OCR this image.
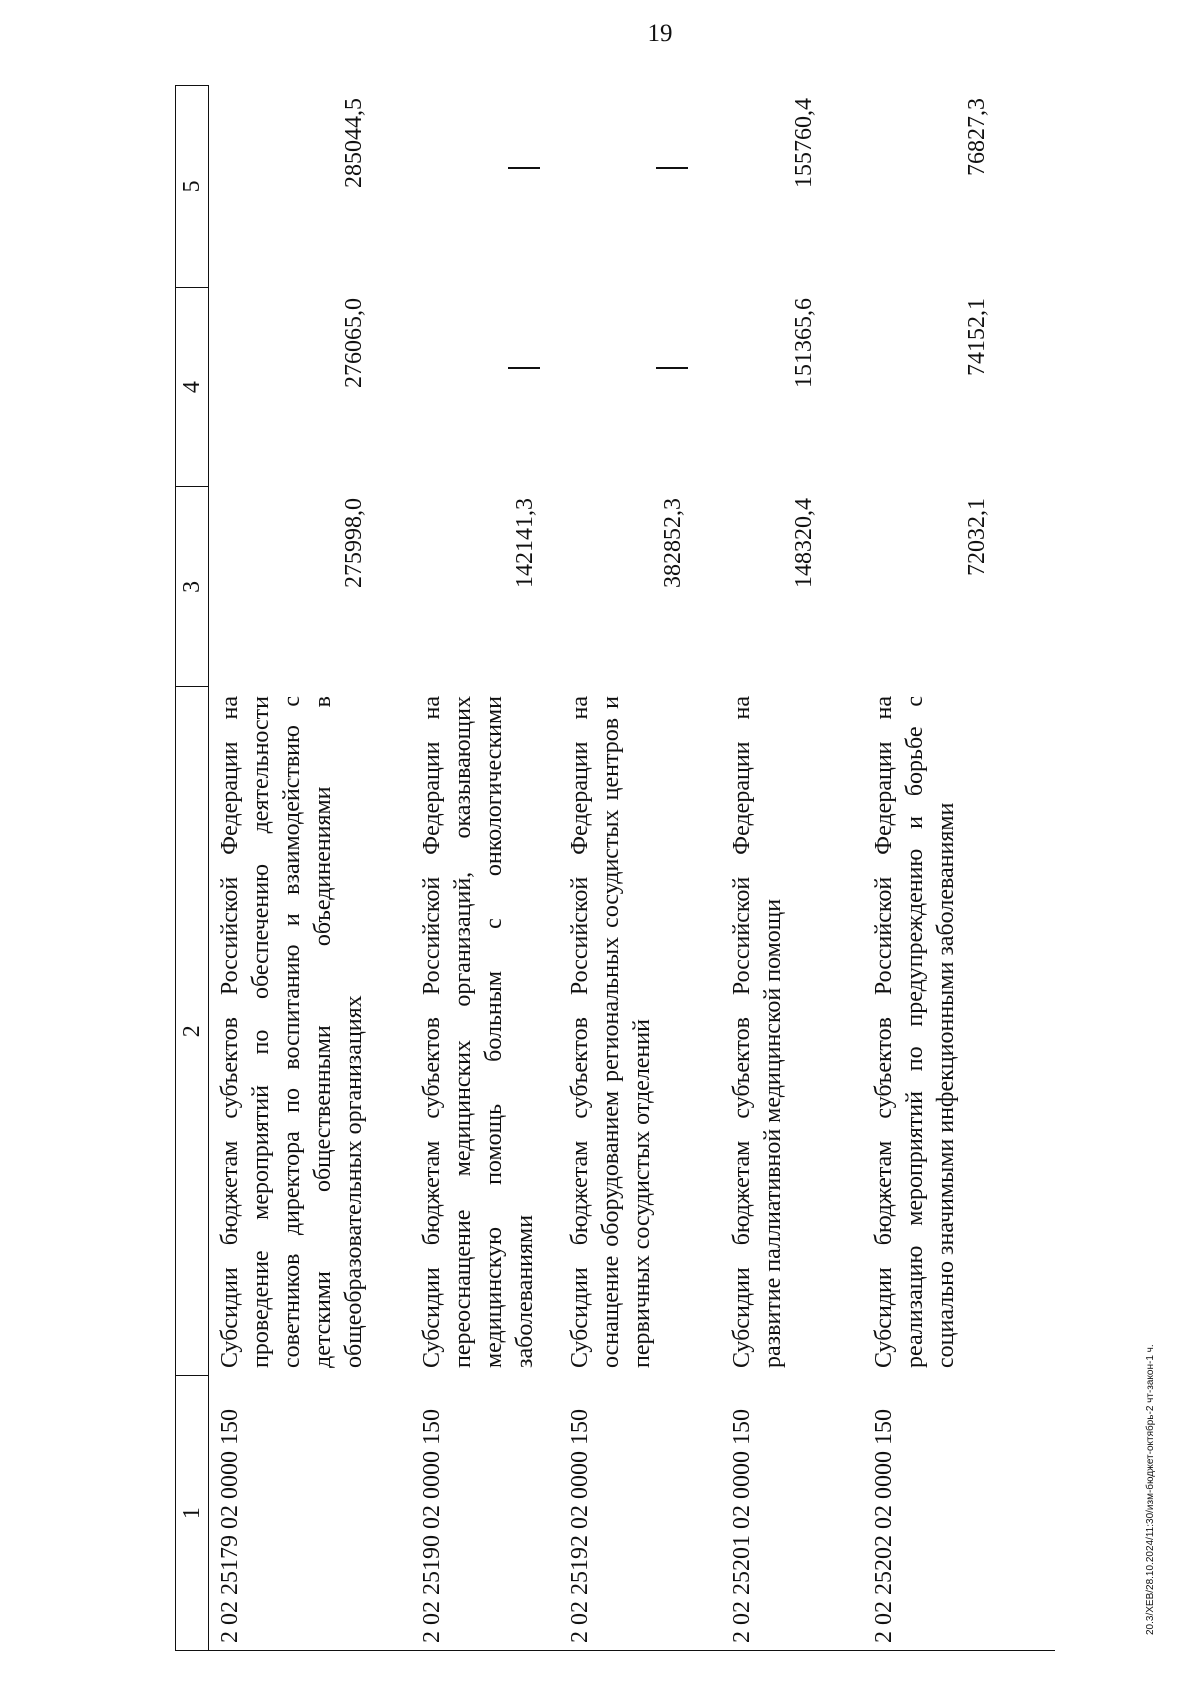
19
1
2
3
4
5
2 02 25179 02 0000 150
Субсидии бюджетам субъектов Российской Федерации на проведение мероприятий по обеспечению деятельности советников директора по воспитанию и взаимодействию с детскими общественными объединениями в общеобразовательных организациях
275998,0
276065,0
285044,5
2 02 25190 02 0000 150
Субсидии бюджетам субъектов Российской Федерации на переоснащение медицинских организаций, оказывающих медицинскую помощь больным с онкологическими заболеваниями
142141,3
2 02 25192 02 0000 150
Субсидии бюджетам субъектов Российской Федерации на оснащение оборудованием региональных сосудистых центров и первичных сосудистых отделений
382852,3
2 02 25201 02 0000 150
Субсидии бюджетам субъектов Российской Федерации на развитие паллиативной медицинской помощи
148320,4
151365,6
155760,4
2 02 25202 02 0000 150
Субсидии бюджетам субъектов Российской Федерации на реализацию мероприятий по предупреждению и борьбе с социально значимыми инфекционными заболеваниями
72032,1
74152,1
76827,3
20.3/XEB/28.10.2024/11:30/изм-бюджет-октябрь-2 чт-закон-1 ч.
